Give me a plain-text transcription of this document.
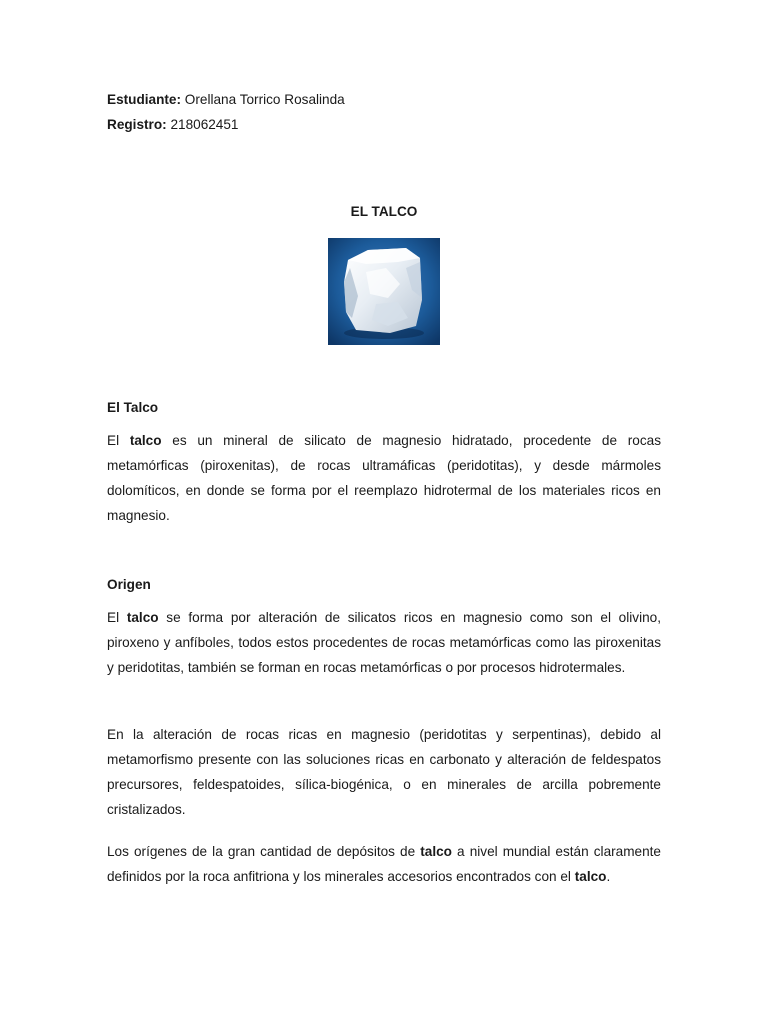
Estudiante: Orellana Torrico Rosalinda
Registro: 218062451
EL TALCO
El Talco

El talco es un mineral de silicato de magnesio hidratado, procedente de rocas metamórficas (piroxenitas), de rocas ultramáficas (peridotitas), y desde mármoles dolomíticos, en donde se forma por el reemplazo hidrotermal de los materiales ricos en magnesio.

Origen

El talco se forma por alteración de silicatos ricos en magnesio como son el olivino, piroxeno y anfíboles, todos estos procedentes de rocas metamórficas como las piroxenitas y peridotitas, también se forman en rocas metamórficas o por procesos hidrotermales.

En la alteración de rocas ricas en magnesio (peridotitas y serpentinas), debido al metamorfismo presente con las soluciones ricas en carbonato y alteración de feldespatos precursores, feldespatoides, sílica-biogénica, o en minerales de arcilla pobremente cristalizados.

Los orígenes de la gran cantidad de depósitos de talco a nivel mundial están claramente definidos por la roca anfitriona y los minerales accesorios encontrados con el talco.
